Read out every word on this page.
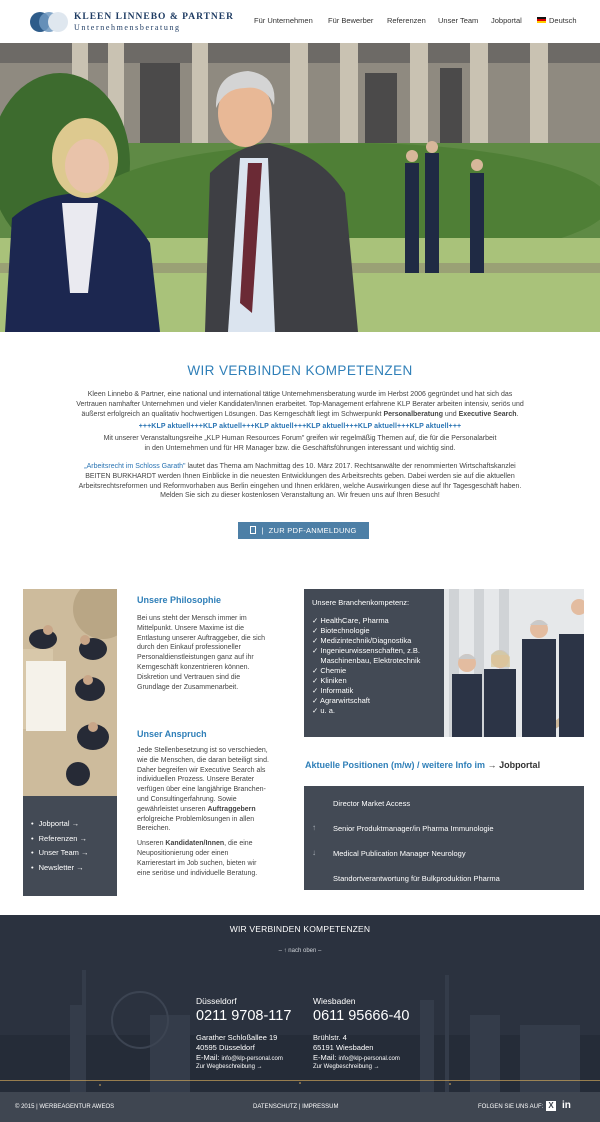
KLEEN LINNEBO & PARTNER
Unternehmensberatung
Für Unternehmen Für Bewerber Referenzen Unser Team Jobportal	Deutsch
WIR VERBINDEN KOMPETENZEN
Kleen Linnebo & Partner, eine national und international tätige Unternehmensberatung wurde im Herbst 2006 gegründet und hat sich das
Vertrauen namhafter Unternehmen und vieler Kandidaten/Innen erarbeitet. Top-Management erfahrene KLP Berater arbeiten intensiv, seriös und
äußerst erfolgreich an qualitativ hochwertigen Lösungen. Das Kerngeschäft liegt im Schwerpunkt Personalberatung und Executive Search.
+++KLP aktuell+++KLP aktuell+++KLP aktuell+++KLP aktuell+++KLP aktuell+++KLP aktuell+++
Mit unserer Veranstaltungsreihe „KLP Human Resources Forum" greifen wir regelmäßig Themen auf, die für die Personalarbeit
in den Unternehmen und für HR Manager bzw. die Geschäftsführungen interessant und wichtig sind.
„Arbeitsrecht im Schloss Garath" lautet das Thema am Nachmittag des 10. März 2017. Rechtsanwälte der renommierten Wirtschaftskanzlei
BEITEN BURKHARDT werden Ihnen Einblicke in die neuesten Entwicklungen des Arbeitsrechts geben. Dabei werden sie auf die aktuellen
Arbeitsrechtsreformen und Reformvorhaben aus Berlin eingehen und Ihnen erklären, welche Auswirkungen diese auf Ihr Tagesgeschäft haben.
Melden Sie sich zu dieser kostenlosen Veranstaltung an. Wir freuen uns auf Ihren Besuch!
| ZUR PDF-ANMELDUNG
• Jobportal →
• Referenzen →
• Unser Team →
• Newsletter →
Unsere Philosophie
Bei uns steht der Mensch immer im
Mittelpunkt. Unsere Maxime ist die
Entlastung unserer Auftraggeber, die sich
durch den Einkauf professioneller
Personaldienstleistungen ganz auf ihr
Kerngeschäft konzentrieren können.
Diskretion und Vertrauen sind die
Grundlage der Zusammenarbeit.
Unser Anspruch
Jede Stellenbesetzung ist so verschieden,
wie die Menschen, die daran beteiligt sind.
Daher begreifen wir Executive Search als
individuellen Prozess. Unsere Berater
verfügen über eine langjährige Branchen-
und Consultingerfahrung. Sowie
gewährleistet unseren Auftraggebern
erfolgreiche Problemlösungen in allen
Bereichen.
Unseren Kandidaten/Innen, die eine
Neupositionierung oder einen
Karrierestart im Job suchen, bieten wir
eine seriöse und individuelle Beratung.
Unsere Branchenkompetenz:
✓ HealthCare, Pharma
✓ Biotechnologie
✓ Medizintechnik/Diagnostika
✓ Ingenieurwissenschaften, z.B.
Maschinenbau, Elektrotechnik
✓ Chemie
✓ Kliniken
✓ Informatik
✓ Agrarwirtschaft
✓ u. a.
Aktuelle Positionen (m/w) / weitere Info im → Jobportal
Director Market Access
↑ Senior Produktmanager/in Pharma Immunologie
↓ Medical Publication Manager Neurology
Standortverantwortung für Bulkproduktion Pharma
WIR VERBINDEN KOMPETENZEN
– ↑ nach oben –
Düsseldorf
0211 9708-117
Garather Schloßallee 19
40595 Düsseldorf
E-Mail: info@klp-personal.com
Zur Wegbeschreibung →
Wiesbaden
0611 95666-40
Brühlstr. 4
65191 Wiesbaden
E-Mail: info@klp-personal.com
Zur Wegbeschreibung →
© 2015 | WERBEAGENTUR AWEOS	DATENSCHUTZ | IMPRESSUM	FOLGEN SIE UNS AUF: X in
